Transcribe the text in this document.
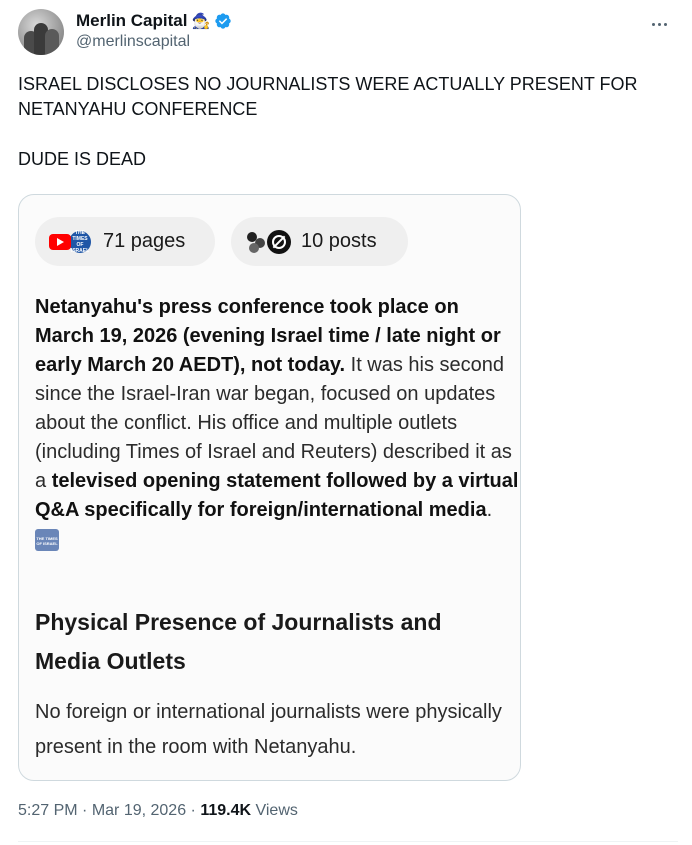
Merlin Capital 🧙‍♂️
@merlinscapital

ISRAEL DISCLOSES NO JOURNALISTS WERE ACTUALLY PRESENT FOR NETANYAHU CONFERENCE

DUDE IS DEAD

THE TIMES OF ISRAEL 71 pages	10 posts
Netanyahu's press conference took place on March 19, 2026 (evening Israel time / late night or early March 20 AEDT), not today. It was his second since the Israel-Iran war began, focused on updates about the conflict. His office and multiple outlets (including Times of Israel and Reuters) described it as a televised opening statement followed by a virtual Q&A specifically for foreign/international media.
THE TIMES OF ISRAEL
Physical Presence of Journalists and Media Outlets
No foreign or international journalists were physically present in the room with Netanyahu.
5:27 PM · Mar 19, 2026 · 119.4K Views
